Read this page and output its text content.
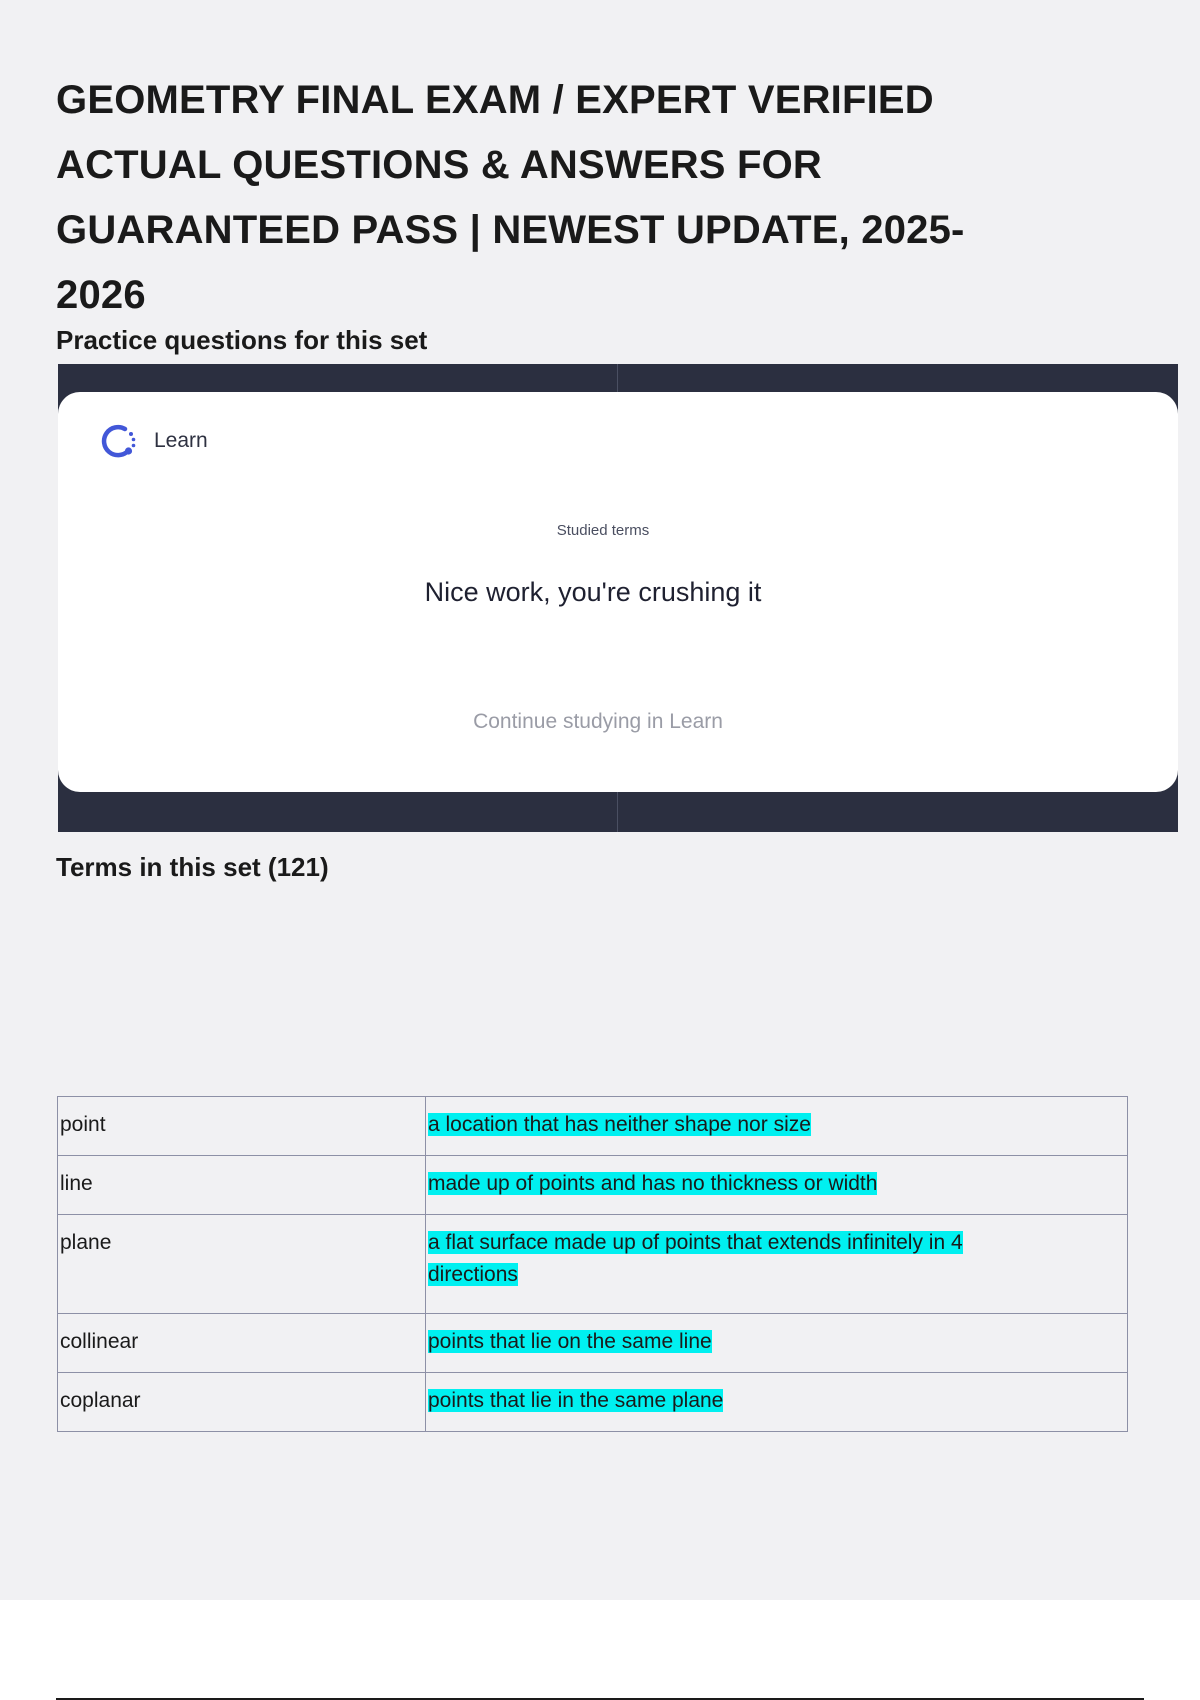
GEOMETRY FINAL EXAM / EXPERT VERIFIED ACTUAL QUESTIONS & ANSWERS FOR GUARANTEED PASS | NEWEST UPDATE, 2025-2026
Practice questions for this set
Learn
Studied terms
Nice work, you're crushing it
Continue studying in Learn
Terms in this set (121)
point	a location that has neither shape nor size

line	made up of points and has no thickness or width

plane	a flat surface made up of points that extends infinitely in 4 directions

collinear	points that lie on the same line

coplanar	points that lie in the same plane
